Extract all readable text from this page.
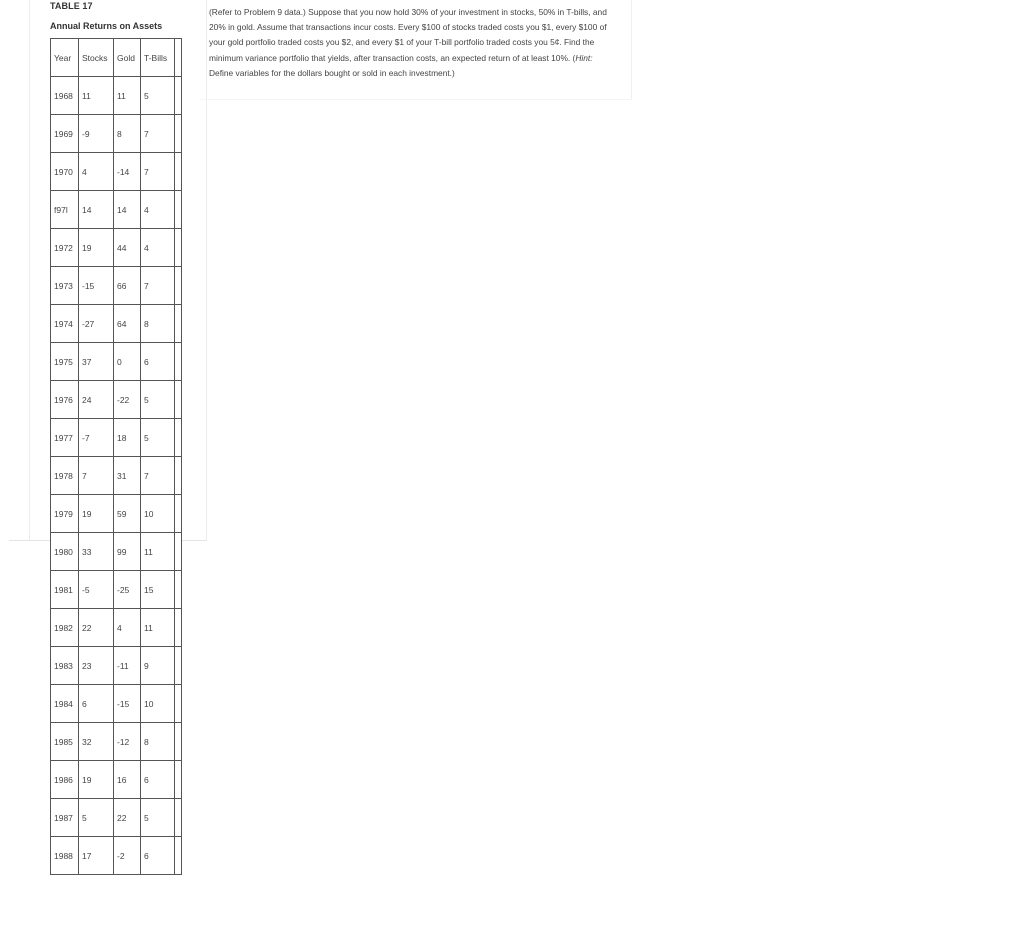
TABLE 17
Annual Returns on Assets
Year	Stocks	Gold	T-Bills	
1968	11	11	5	
1969	-9	8	7	
1970	4	-14	7	
f97l	14	14	4	
1972	19	44	4	
1973	-15	66	7	
1974	-27	64	8	
1975	37	0	6	
1976	24	-22	5	
1977	-7	18	5	
1978	7	31	7	
1979	19	59	10	
1980	33	99	11	
1981	-5	-25	15	
1982	22	4	11	
1983	23	-11	9	
1984	6	-15	10	
1985	32	-12	8	
1986	19	16	6	
1987	5	22	5	
1988	17	-2	6	
(Refer to Problem 9 data.) Suppose that you now hold 30% of your investment in stocks, 50% in T-bills, and 20% in gold. Assume that transactions incur costs. Every $100 of stocks traded costs you $1, every $100 of your gold portfolio traded costs you $2, and every $1 of your T-bill portfolio traded costs you 5¢. Find the minimum variance portfolio that yields, after transaction costs, an expected return of at least 10%. (Hint: Define variables for the dollars bought or sold in each investment.)
